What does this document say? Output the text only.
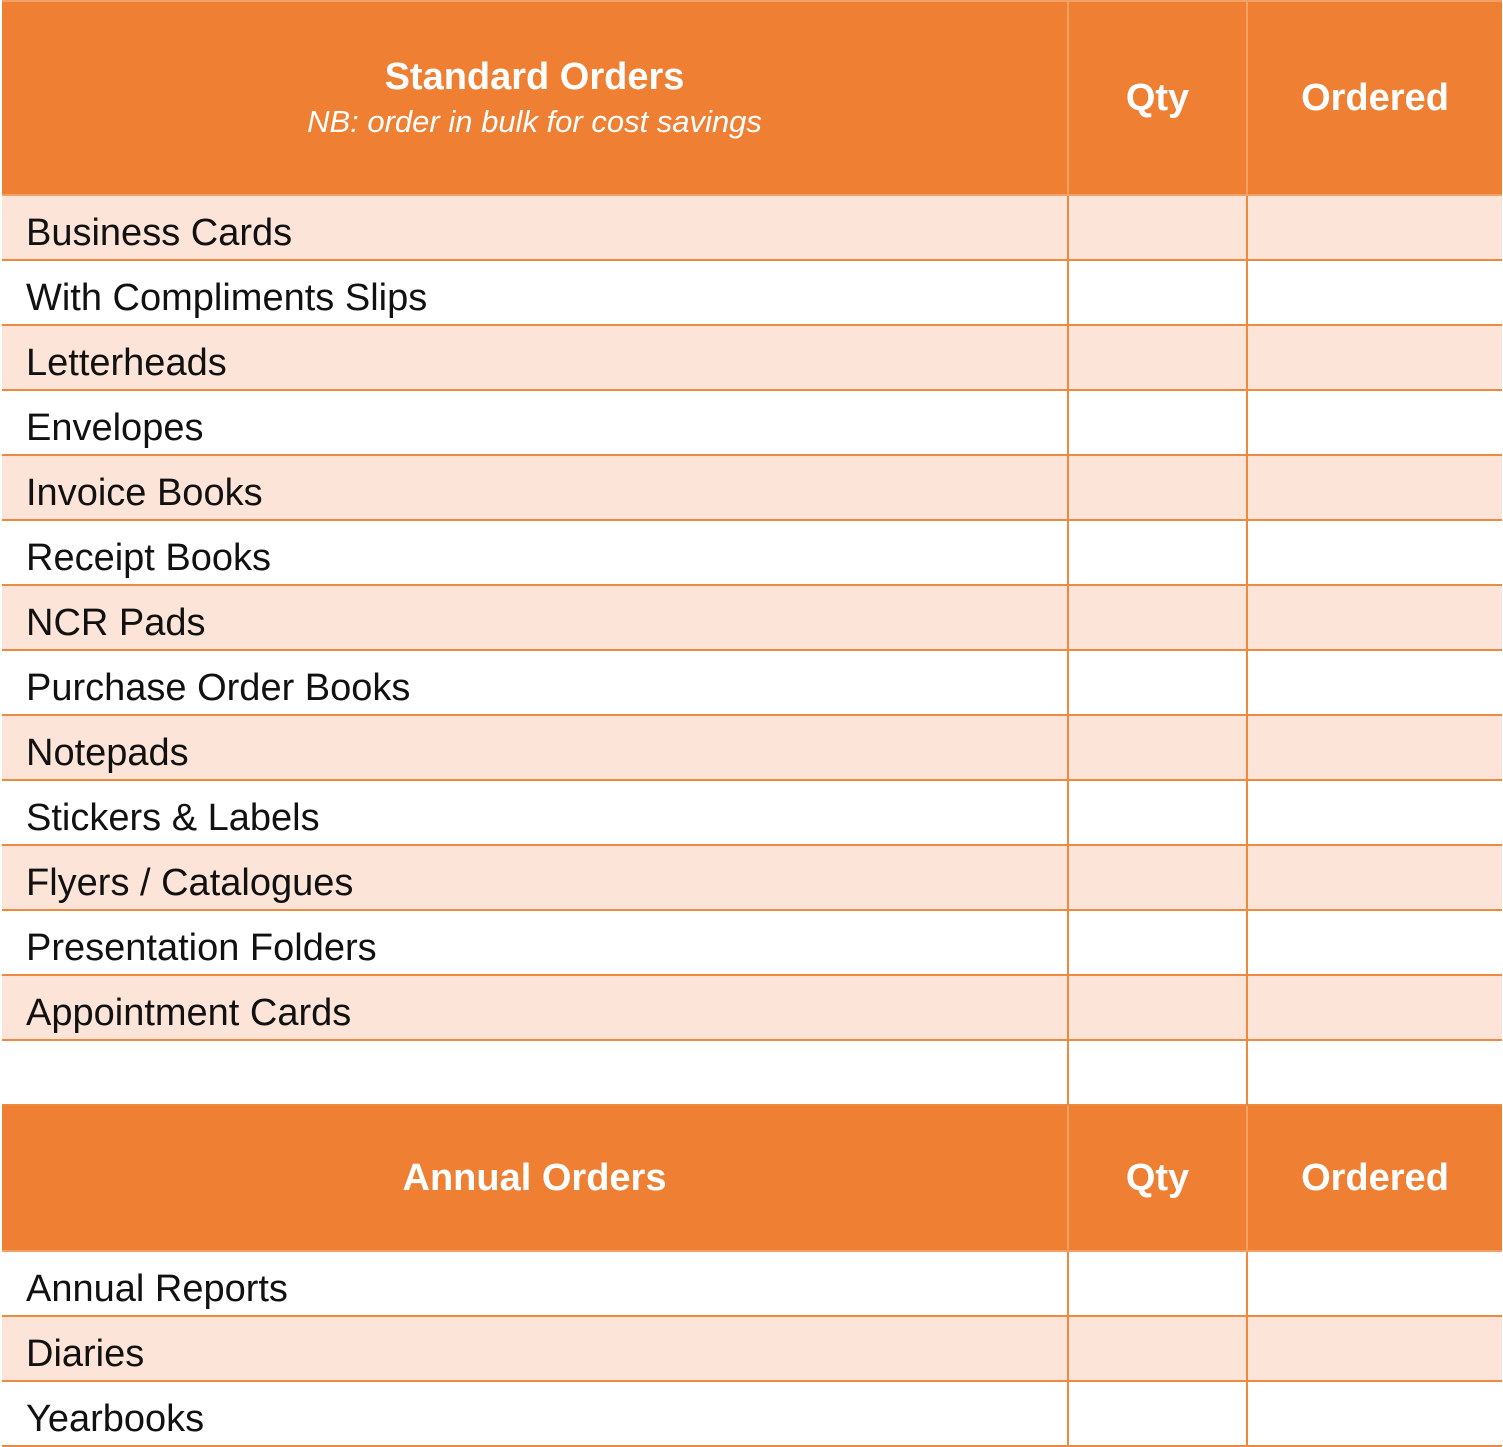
Standard Orders
NB: order in bulk for cost savings	Qty	Ordered
Business Cards		
With Compliments Slips		
Letterheads		
Envelopes		
Invoice Books		
Receipt Books		
NCR Pads		
Purchase Order Books		
Notepads		
Stickers & Labels		
Flyers / Catalogues		
Presentation Folders		
Appointment Cards		

Annual Orders	Qty	Ordered
Annual Reports		
Diaries		
Yearbooks		
